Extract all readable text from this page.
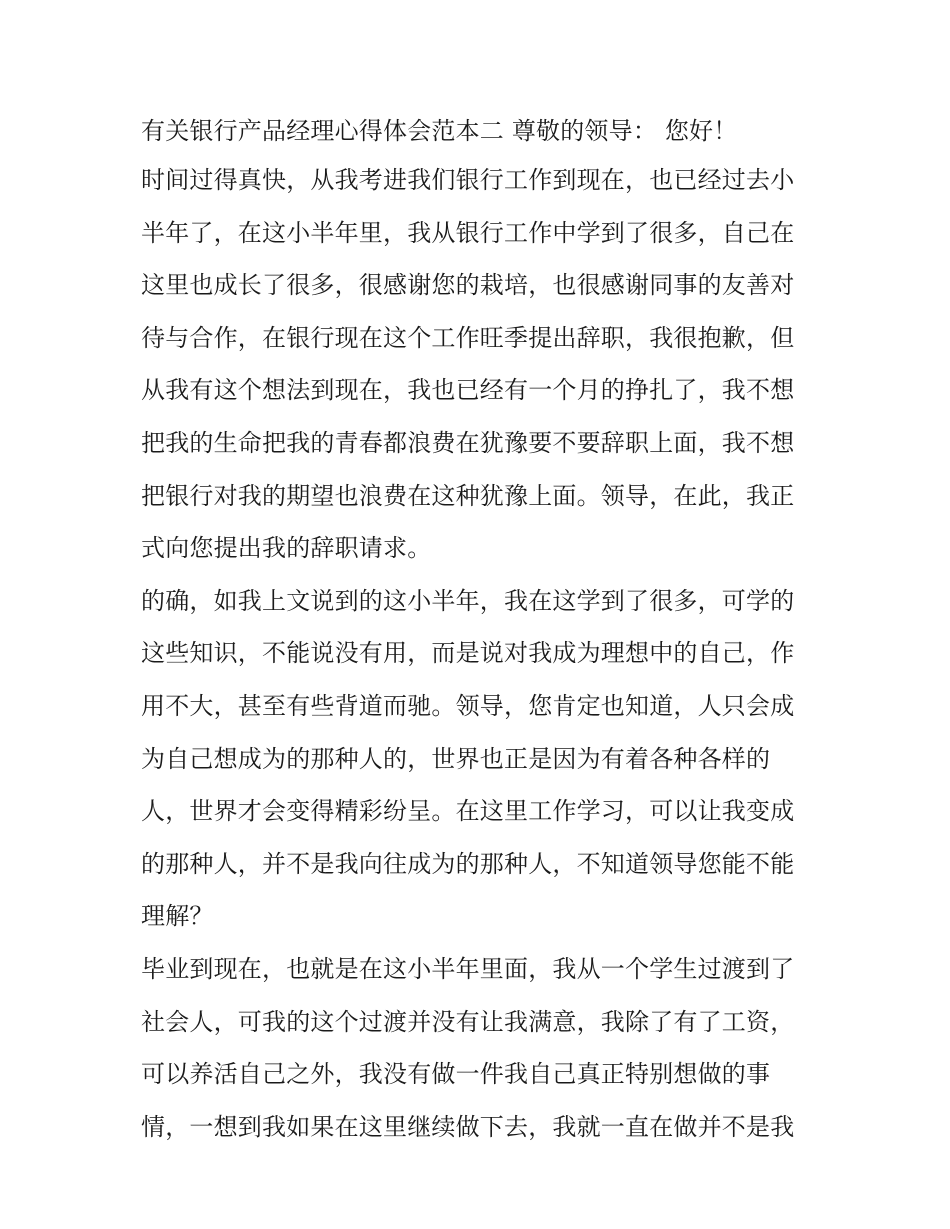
有关银行产品经理心得体会范本二 尊敬的领导： 您好！
时间过得真快，从我考进我们银行工作到现在，也已经过去小
半年了，在这小半年里，我从银行工作中学到了很多，自己在
这里也成长了很多，很感谢您的栽培，也很感谢同事的友善对
待与合作，在银行现在这个工作旺季提出辞职，我很抱歉，但
从我有这个想法到现在，我也已经有一个月的挣扎了，我不想
把我的生命把我的青春都浪费在犹豫要不要辞职上面，我不想
把银行对我的期望也浪费在这种犹豫上面。领导，在此，我正
式向您提出我的辞职请求。
的确，如我上文说到的这小半年，我在这学到了很多，可学的
这些知识，不能说没有用，而是说对我成为理想中的自己，作
用不大，甚至有些背道而驰。领导，您肯定也知道，人只会成
为自己想成为的那种人的，世界也正是因为有着各种各样的
人，世界才会变得精彩纷呈。在这里工作学习，可以让我变成
的那种人，并不是我向往成为的那种人，不知道领导您能不能
理解？
毕业到现在，也就是在这小半年里面，我从一个学生过渡到了
社会人，可我的这个过渡并没有让我满意，我除了有了工资，
可以养活自己之外，我没有做一件我自己真正特别想做的事
情，一想到我如果在这里继续做下去，我就一直在做并不是我
